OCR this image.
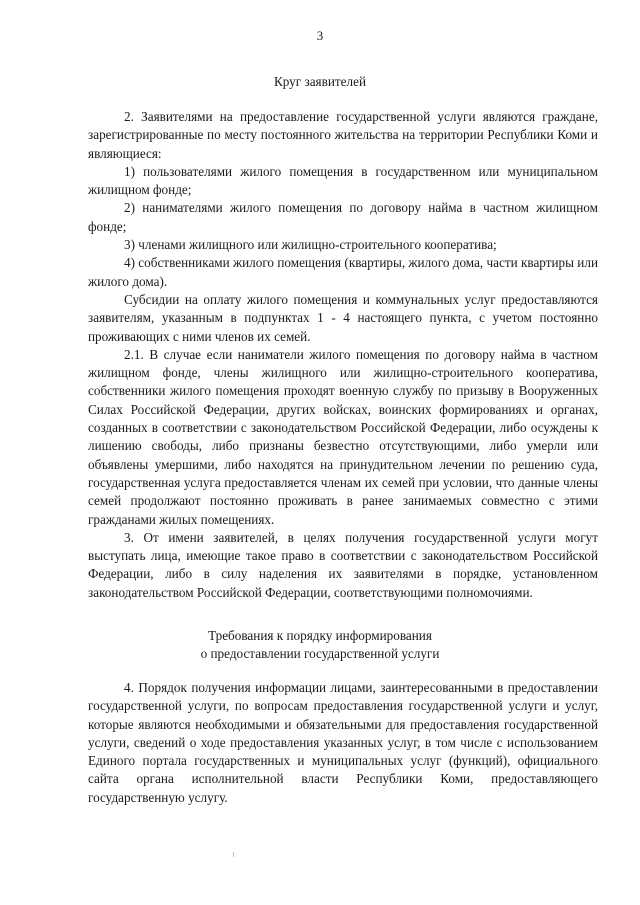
3
Круг заявителей

2. Заявителями на предоставление государственной услуги являются граждане, зарегистрированные по месту постоянного жительства на территории Республики Коми и являющиеся:

1) пользователями жилого помещения в государственном или муниципальном жилищном фонде;

2) нанимателями жилого помещения по договору найма в частном жилищном фонде;

3) членами жилищного или жилищно-строительного кооператива;

4) собственниками жилого помещения (квартиры, жилого дома, части квартиры или жилого дома).

Субсидии на оплату жилого помещения и коммунальных услуг предоставляются заявителям, указанным в подпунктах 1 - 4 настоящего пункта, с учетом постоянно проживающих с ними членов их семей.

2.1. В случае если наниматели жилого помещения по договору найма в частном жилищном фонде, члены жилищного или жилищно-строительного кооператива, собственники жилого помещения проходят военную службу по призыву в Вооруженных Силах Российской Федерации, других войсках, воинских формированиях и органах, созданных в соответствии с законодательством Российской Федерации, либо осуждены к лишению свободы, либо признаны безвестно отсутствующими, либо умерли или объявлены умершими, либо находятся на принудительном лечении по решению суда, государственная услуга предоставляется членам их семей при условии, что данные члены семей продолжают постоянно проживать в ранее занимаемых совместно с этими гражданами жилых помещениях.

3. От имени заявителей, в целях получения государственной услуги могут выступать лица, имеющие такое право в соответствии с законодательством Российской Федерации, либо в силу наделения их заявителями в порядке, установленном законодательством Российской Федерации, соответствующими полномочиями.

Требования к порядку информирования
о предоставлении государственной услуги

4. Порядок получения информации лицами, заинтересованными в предоставлении государственной услуги, по вопросам предоставления государственной услуги и услуг, которые являются необходимыми и обязательными для предоставления государственной услуги, сведений о ходе предоставления указанных услуг, в том числе с использованием Единого портала государственных и муниципальных услуг (функций), официального сайта органа исполнительной власти Республики Коми, предоставляющего государственную услугу.
